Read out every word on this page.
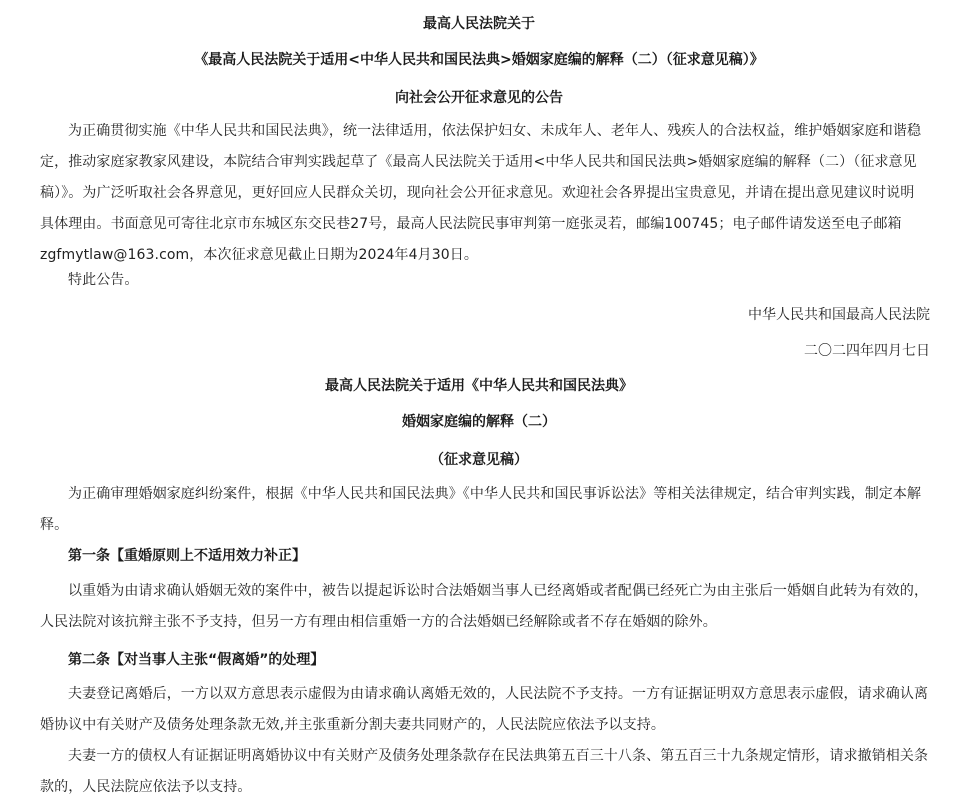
最高人民法院关于
《最高人民法院关于适用<中华人民共和国民法典>婚姻家庭编的解释（二）（征求意见稿）》
向社会公开征求意见的公告
为正确贯彻实施《中华人民共和国民法典》，统一法律适用，依法保护妇女、未成年人、老年人、残疾人的合法权益，维护婚姻家庭和谐稳
定，推动家庭家教家风建设，本院结合审判实践起草了《最高人民法院关于适用<中华人民共和国民法典>婚姻家庭编的解释（二）（征求意见
稿）》。为广泛听取社会各界意见，更好回应人民群众关切，现向社会公开征求意见。欢迎社会各界提出宝贵意见，并请在提出意见建议时说明
具体理由。书面意见可寄往北京市东城区东交民巷27号，最高人民法院民事审判第一庭张灵若，邮编100745；电子邮件请发送至电子邮箱
zgfmytlaw@163.com，本次征求意见截止日期为2024年4月30日。
特此公告。
中华人民共和国最高人民法院
二〇二四年四月七日
最高人民法院关于适用《中华人民共和国民法典》
婚姻家庭编的解释（二）
（征求意见稿）
为正确审理婚姻家庭纠纷案件，根据《中华人民共和国民法典》《中华人民共和国民事诉讼法》等相关法律规定，结合审判实践，制定本解
释。
第一条【重婚原则上不适用效力补正】
以重婚为由请求确认婚姻无效的案件中，被告以提起诉讼时合法婚姻当事人已经离婚或者配偶已经死亡为由主张后一婚姻自此转为有效的，
人民法院对该抗辩主张不予支持，但另一方有理由相信重婚一方的合法婚姻已经解除或者不存在婚姻的除外。
第二条【对当事人主张“假离婚”的处理】
夫妻登记离婚后，一方以双方意思表示虚假为由请求确认离婚无效的，人民法院不予支持。一方有证据证明双方意思表示虚假，请求确认离
婚协议中有关财产及债务处理条款无效,并主张重新分割夫妻共同财产的，人民法院应依法予以支持。
夫妻一方的债权人有证据证明离婚协议中有关财产及债务处理条款存在民法典第五百三十八条、第五百三十九条规定情形，请求撤销相关条
款的，人民法院应依法予以支持。
